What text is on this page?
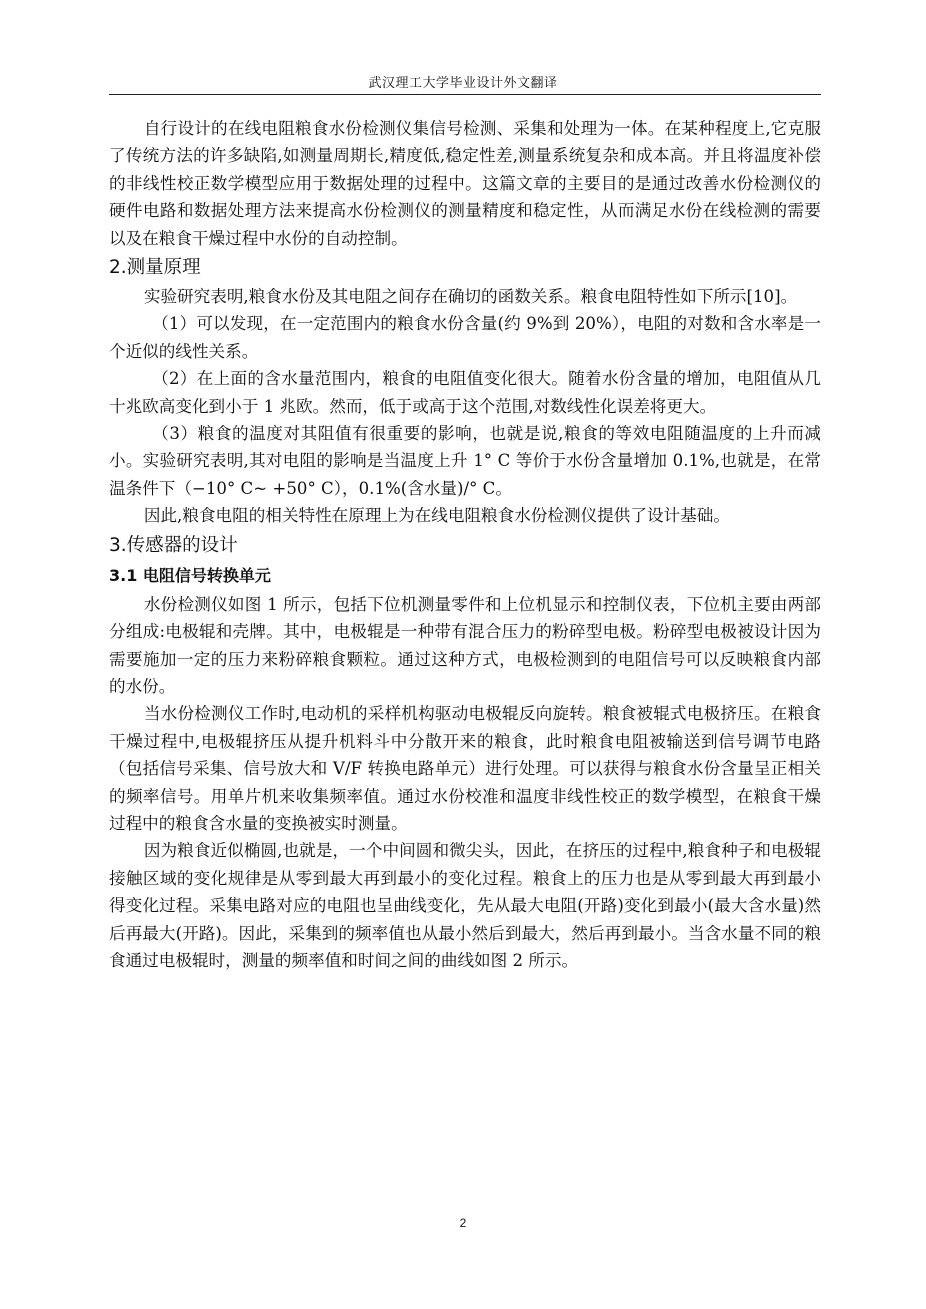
武汉理工大学毕业设计外文翻译

自行设计的在线电阻粮食水份检测仪集信号检测、采集和处理为一体。在某种程度上,它克服了传统方法的许多缺陷,如测量周期长,精度低,稳定性差,测量系统复杂和成本高。并且将温度补偿的非线性校正数学模型应用于数据处理的过程中。这篇文章的主要目的是通过改善水份检测仪的硬件电路和数据处理方法来提高水份检测仪的测量精度和稳定性，从而满足水份在线检测的需要以及在粮食干燥过程中水份的自动控制。

2.测量原理

实验研究表明,粮食水份及其电阻之间存在确切的函数关系。粮食电阻特性如下所示[10]。

（1）可以发现，在一定范围内的粮食水份含量(约 9%到 20%），电阻的对数和含水率是一个近似的线性关系。

（2）在上面的含水量范围内，粮食的电阻值变化很大。随着水份含量的增加，电阻值从几十兆欧高变化到小于 1 兆欧。然而，低于或高于这个范围,对数线性化误差将更大。

（3）粮食的温度对其阻值有很重要的影响，也就是说,粮食的等效电阻随温度的上升而减小。实验研究表明,其对电阻的影响是当温度上升 1° C 等价于水份含量增加 0.1%,也就是，在常温条件下（−10° C~ +50° C），0.1%(含水量)/° C。

因此,粮食电阻的相关特性在原理上为在线电阻粮食水份检测仪提供了设计基础。

3.传感器的设计
3.1 电阻信号转换单元

水份检测仪如图 1 所示，包括下位机测量零件和上位机显示和控制仪表，下位机主要由两部分组成:电极辊和壳牌。其中，电极辊是一种带有混合压力的粉碎型电极。粉碎型电极被设计因为需要施加一定的压力来粉碎粮食颗粒。通过这种方式，电极检测到的电阻信号可以反映粮食内部的水份。

当水份检测仪工作时,电动机的采样机构驱动电极辊反向旋转。粮食被辊式电极挤压。在粮食干燥过程中,电极辊挤压从提升机料斗中分散开来的粮食，此时粮食电阻被输送到信号调节电路（包括信号采集、信号放大和 V/F 转换电路单元）进行处理。可以获得与粮食水份含量呈正相关的频率信号。用单片机来收集频率值。通过水份校准和温度非线性校正的数学模型，在粮食干燥过程中的粮食含水量的变换被实时测量。

因为粮食近似椭圆,也就是，一个中间圆和微尖头，因此，在挤压的过程中,粮食种子和电极辊接触区域的变化规律是从零到最大再到最小的变化过程。粮食上的压力也是从零到最大再到最小得变化过程。采集电路对应的电阻也呈曲线变化，先从最大电阻(开路)变化到最小(最大含水量)然后再最大(开路)。因此，采集到的频率值也从最小然后到最大，然后再到最小。当含水量不同的粮食通过电极辊时，测量的频率值和时间之间的曲线如图 2 所示。

2
